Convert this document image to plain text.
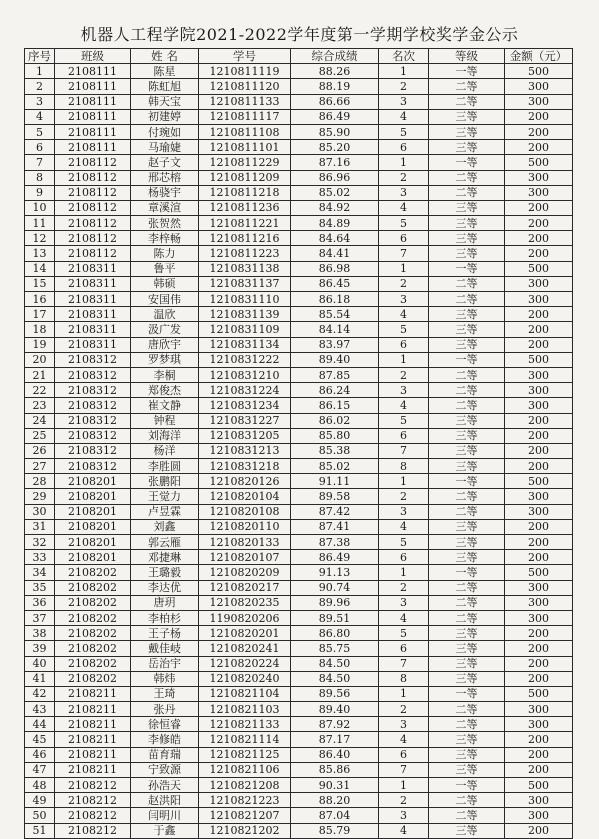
机器人工程学院2021-2022学年度第一学期学校奖学金公示
序号	班级	姓 名	学号	综合成绩	名次	等级	金额（元）
1	2108111	陈星	1210811119	88.26	1	一等	500
2	2108111	陈虹旭	1210811120	88.19	2	二等	300
3	2108111	韩天宝	1210811133	86.66	3	二等	300
4	2108111	初建婷	1210811117	86.49	4	三等	200
5	2108111	付琬如	1210811108	85.90	5	三等	200
6	2108111	马瑜婕	1210811101	85.20	6	三等	200
7	2108112	赵子文	1210811229	87.16	1	一等	500
8	2108112	邢芯榕	1210811209	86.96	2	二等	300
9	2108112	杨骁宇	1210811218	85.02	3	二等	300
10	2108112	章溪渲	1210811236	84.92	4	三等	200
11	2108112	张贺然	1210811221	84.89	5	三等	200
12	2108112	李梓畅	1210811216	84.64	6	三等	200
13	2108112	陈力	1210811223	84.41	7	三等	200
14	2108311	鲁平	1210831138	86.98	1	一等	500
15	2108311	韩硕	1210831137	86.45	2	二等	300
16	2108311	安国伟	1210831110	86.18	3	二等	300
17	2108311	温欣	1210831139	85.54	4	三等	200
18	2108311	汲广发	1210831109	84.14	5	三等	200
19	2108311	唐欣宇	1210831134	83.97	6	三等	200
20	2108312	罗梦琪	1210831222	89.40	1	一等	500
21	2108312	李桐	1210831210	87.85	2	二等	300
22	2108312	郑俊杰	1210831224	86.24	3	二等	300
23	2108312	崔文静	1210831234	86.15	4	二等	300
24	2108312	钟程	1210831227	86.02	5	三等	200
25	2108312	刘海洋	1210831205	85.80	6	三等	200
26	2108312	杨洋	1210831213	85.38	7	三等	200
27	2108312	李胜圆	1210831218	85.02	8	三等	200
28	2108201	张鹏阳	1210820126	91.11	1	一等	500
29	2108201	王觉力	1210820104	89.58	2	二等	300
30	2108201	卢昱霖	1210820108	87.42	3	二等	300
31	2108201	刘鑫	1210820110	87.41	4	三等	200
32	2108201	郭云雁	1210820133	87.38	5	三等	200
33	2108201	邓捷琳	1210820107	86.49	6	三等	200
34	2108202	王璐毅	1210820209	91.13	1	一等	500
35	2108202	李达优	1210820217	90.74	2	二等	300
36	2108202	唐玥	1210820235	89.96	3	二等	300
37	2108202	李柏杉	1190820206	89.51	4	二等	300
38	2108202	王子杨	1210820201	86.80	5	三等	200
39	2108202	戴佳岐	1210820241	85.75	6	三等	200
40	2108202	岳治宇	1210820224	84.50	7	三等	200
41	2108202	韩炜	1210820240	84.50	8	三等	200
42	2108211	王琦	1210821104	89.56	1	一等	500
43	2108211	张丹	1210821103	89.40	2	二等	300
44	2108211	徐恒睿	1210821133	87.92	3	二等	300
45	2108211	李修皓	1210821114	87.17	4	三等	200
46	2108211	苗育瑞	1210821125	86.40	6	三等	200
47	2108211	宁致源	1210821106	85.86	7	三等	200
48	2108212	孙浩天	1210821208	90.31	1	一等	500
49	2108212	赵洪阳	1210821223	88.20	2	二等	300
50	2108212	闫明川	1210821207	87.04	3	二等	300
51	2108212	于鑫	1210821202	85.79	4	三等	200
